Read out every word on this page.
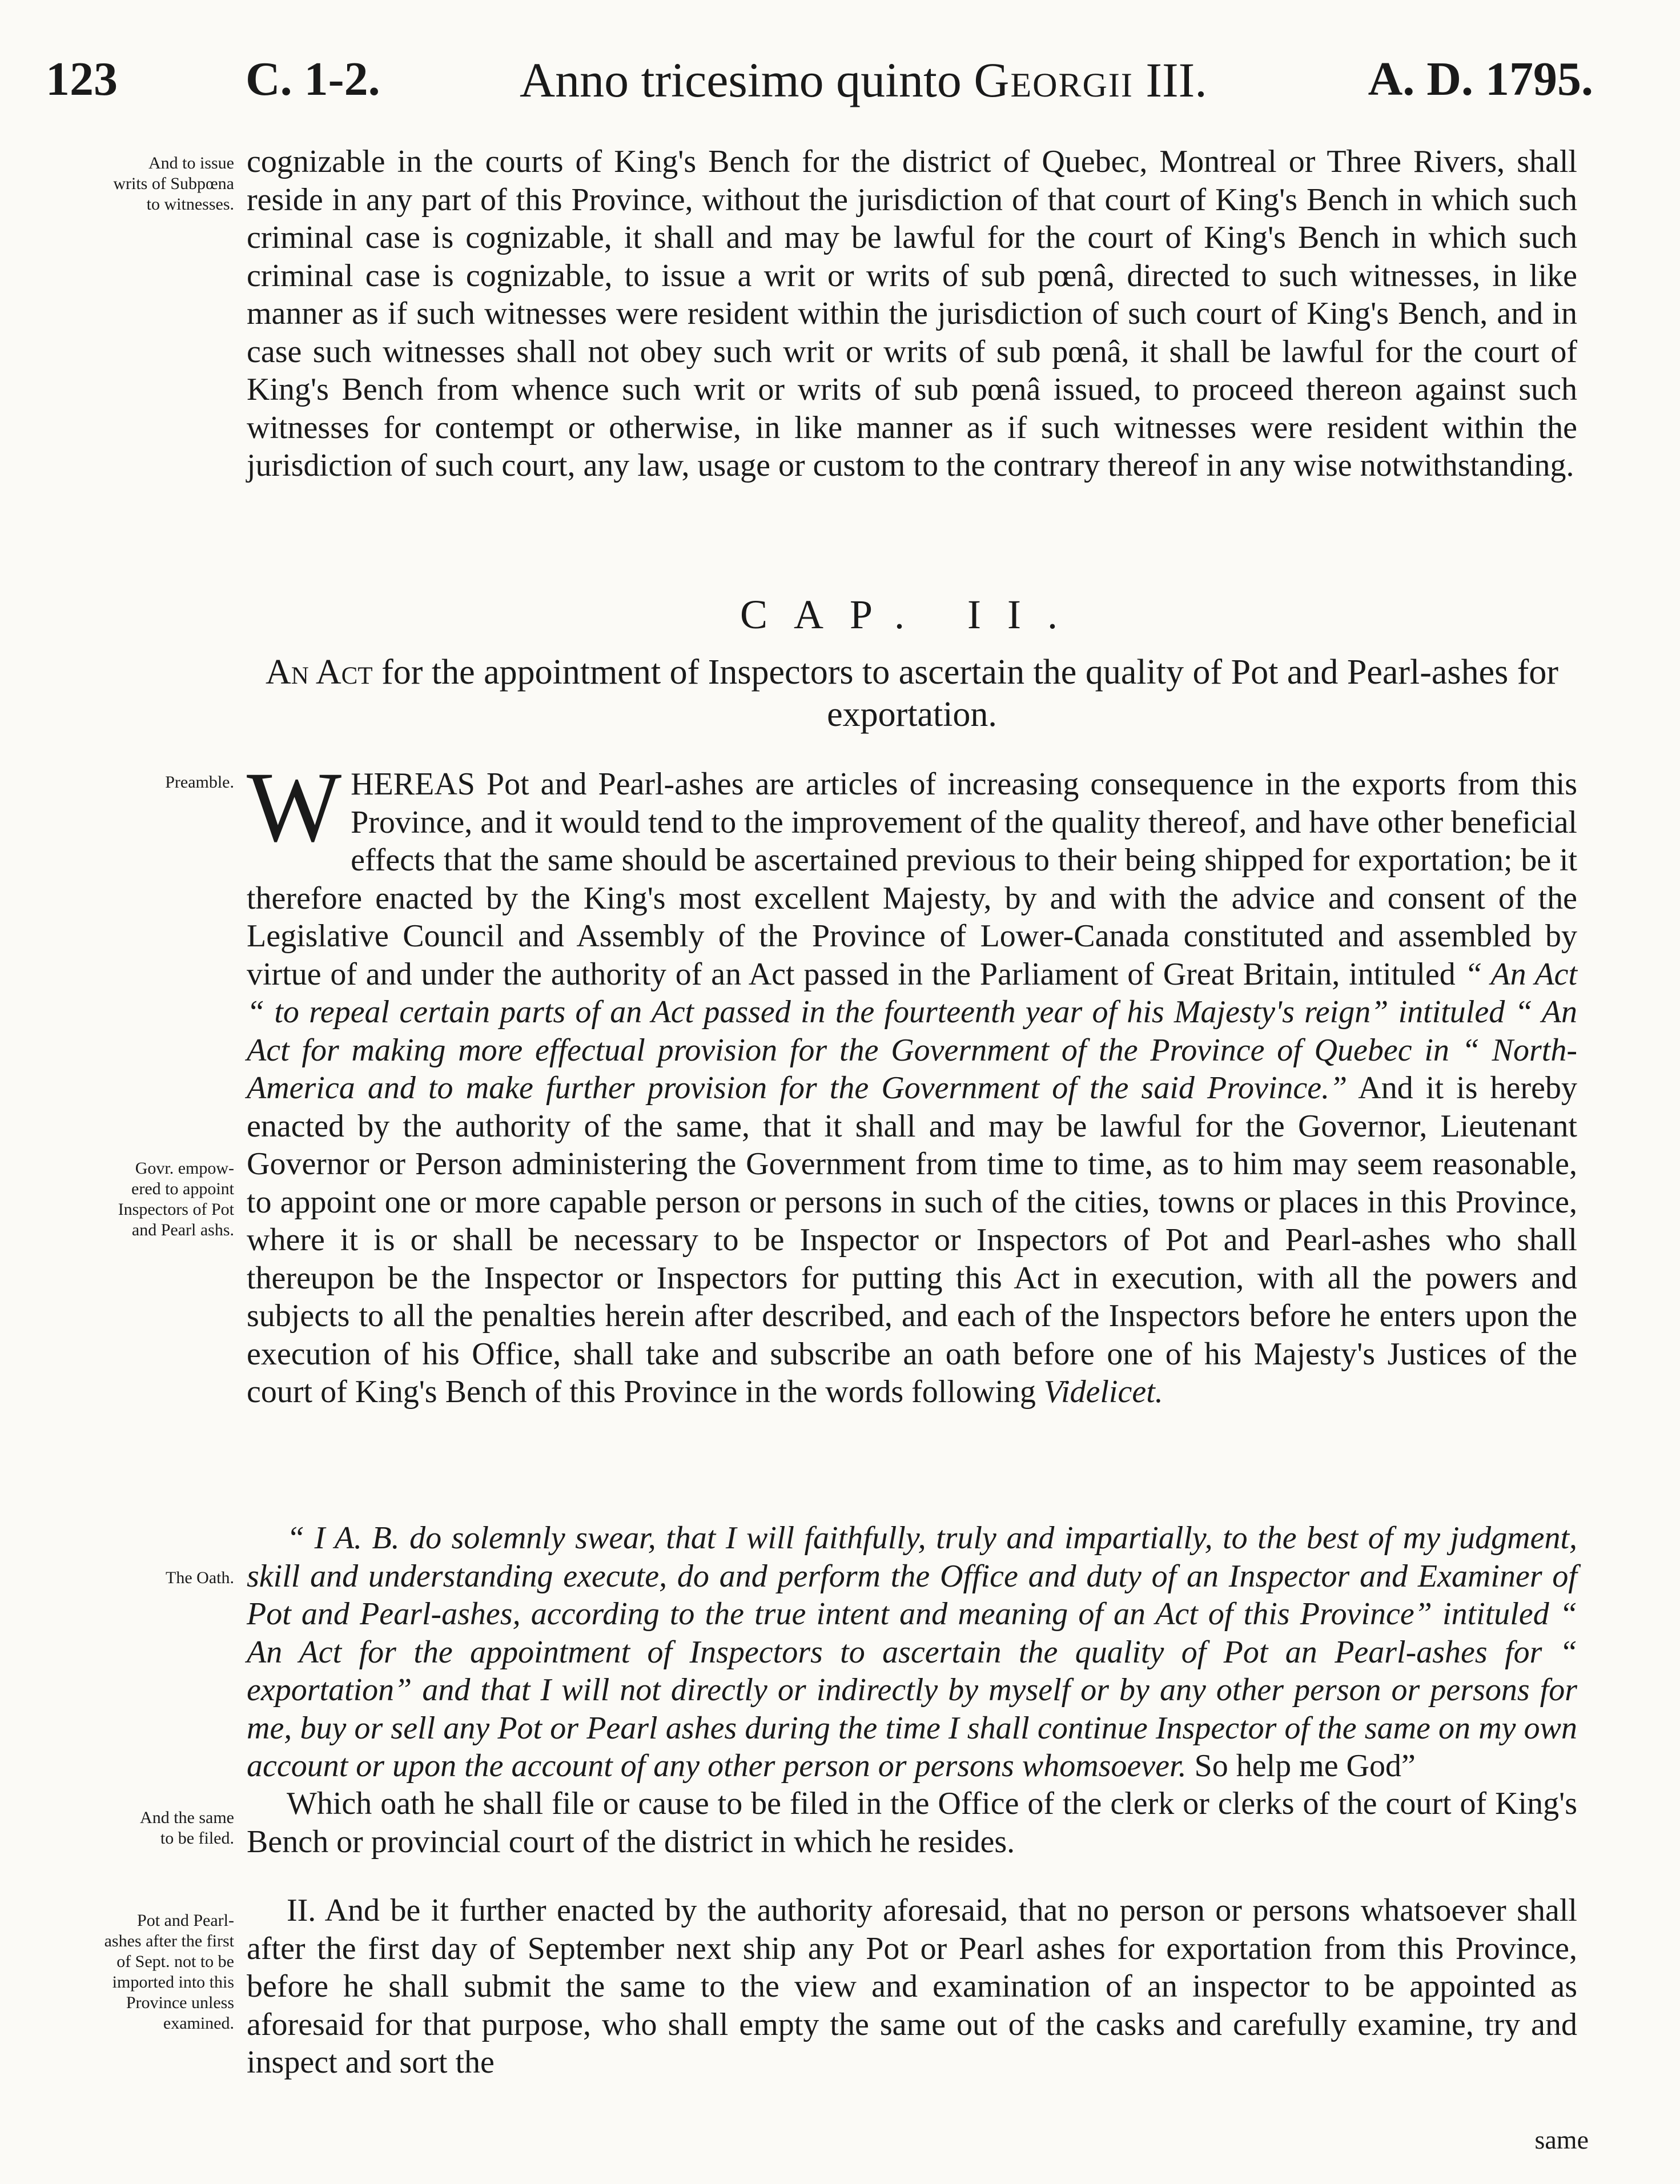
123	C. 1-2.	Anno tricesimo quinto Georgii III.	A. D. 1795.
And to issue
writs of Subpœna
to witnesses.
Preamble.
Govr. empow-
ered to appoint
Inspectors of Pot
and Pearl ashs.
The Oath.
And the same
to be filed.
Pot and Pearl-
ashes after the first
of Sept. not to be
imported into this
Province unless
examined.

cognizable in the courts of King's Bench for the district of Quebec, Montreal or Three Rivers, shall reside in any part of this Province, without the jurisdiction of that court of King's Bench in which such criminal case is cognizable, it shall and may be lawful for the court of King's Bench in which such criminal case is cognizable, to issue a writ or writs of sub pœnâ, directed to such witnesses, in like manner as if such witnesses were resident within the jurisdiction of such court of King's Bench, and in case such witnesses shall not obey such writ or writs of sub pœnâ, it shall be lawful for the court of King's Bench from whence such writ or writs of sub pœnâ issued, to proceed thereon against such witnesses for contempt or otherwise, in like manner as if such witnesses were resident within the jurisdiction of such court, any law, usage or custom to the contrary thereof in any wise notwithstanding.

CAP. II.
An Act for the appointment of Inspectors to ascertain the quality of Pot and Pearl-ashes for exportation.

WHEREAS Pot and Pearl-ashes are articles of increasing consequence in the exports from this Province, and it would tend to the improvement of the quality thereof, and have other beneficial effects that the same should be ascertained previous to their being shipped for exportation; be it therefore enacted by the King's most excellent Majesty, by and with the advice and consent of the Legislative Council and Assembly of the Province of Lower-Canada constituted and assembled by virtue of and under the authority of an Act passed in the Parliament of Great Britain, intituled “ An Act “ to repeal certain parts of an Act passed in the fourteenth year of his Majesty's reign” intituled “ An Act for making more effectual provision for the Government of the Province of Quebec in “ North-America and to make further provision for the Government of the said Province.” And it is hereby enacted by the authority of the same, that it shall and may be lawful for the Governor, Lieutenant Governor or Person administering the Government from time to time, as to him may seem reasonable, to appoint one or more capable person or persons in such of the cities, towns or places in this Province, where it is or shall be necessary to be Inspector or Inspectors of Pot and Pearl-ashes who shall thereupon be the Inspector or Inspectors for putting this Act in execution, with all the powers and subjects to all the penalties herein after described, and each of the Inspectors before he enters upon the execution of his Office, shall take and subscribe an oath before one of his Majesty's Justices of the court of King's Bench of this Province in the words following Videlicet.

“ I A. B. do solemnly swear, that I will faithfully, truly and impartially, to the best of my judgment, skill and understanding execute, do and perform the Office and duty of an Inspector and Examiner of Pot and Pearl-ashes, according to the true intent and meaning of an Act of this Province” intituled “ An Act for the appointment of Inspectors to ascertain the quality of Pot an Pearl-ashes for “ exportation” and that I will not directly or indirectly by myself or by any other person or persons for me, buy or sell any Pot or Pearl ashes during the time I shall continue Inspector of the same on my own account or upon the account of any other person or persons whomsoever. So help me God”

Which oath he shall file or cause to be filed in the Office of the clerk or clerks of the court of King's Bench or provincial court of the district in which he resides.

II. And be it further enacted by the authority aforesaid, that no person or persons whatsoever shall after the first day of September next ship any Pot or Pearl ashes for exportation from this Province, before he shall submit the same to the view and examination of an inspector to be appointed as aforesaid for that purpose, who shall empty the same out of the casks and carefully examine, try and inspect and sort the

same
